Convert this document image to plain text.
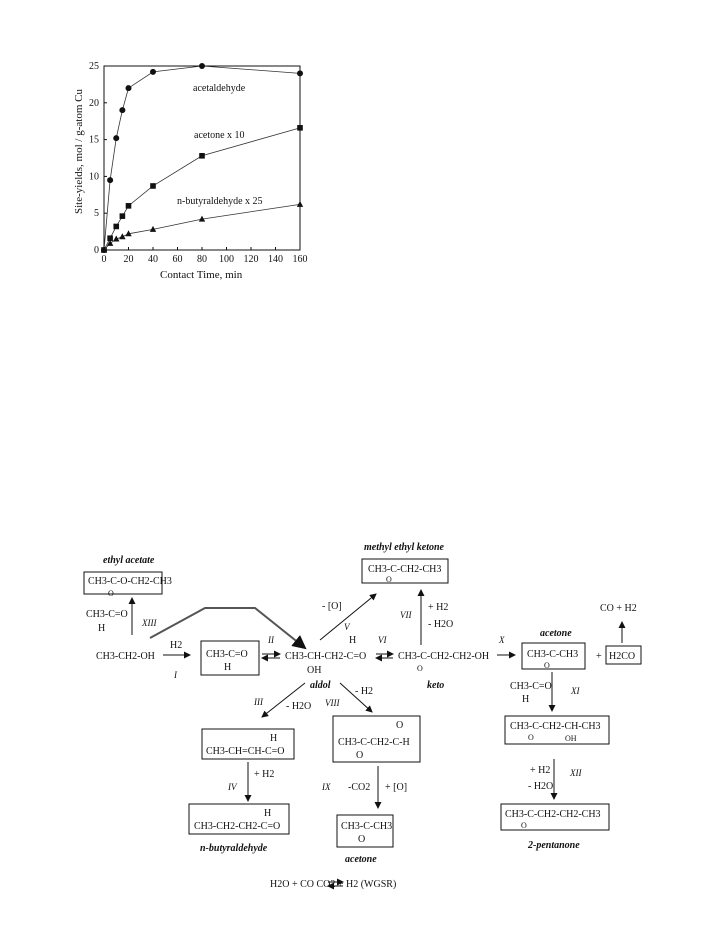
0 20 40 60 80 100 120 140 160
0
5
10
15
20
25
acetaldehyde
acetone x 10
n-butyraldehyde x 25
Contact Time, min
Site-yields, mol / g-atom Cu
ethyl acetate
CH3-C-O-CH2-CH3
O
CH3-C=O
H	XIII
CH3-CH2-OH
H2
I
CH3-C=O
H
II	H
CH3-CH-CH2-C=O
OH
aldol
- [O]
V
methyl ethyl ketone
CH3-C-CH2-CH3
O
VI
CH3-C-CH2-CH2-OH
O
keto
VII
+ H2
- H2O
X
acetone
CH3-C-CH3
O
+ H2CO
CO + H2
CH3-C=O
H
XI
CH3-C-CH2-CH-CH3
O	OH
+ H2
- H2O
XII
CH3-C-CH2-CH2-CH3
O
2-pentanone
III - H2O
H
CH3-CH=CH-C=O
IV
+ H2
H
CH3-CH2-CH2-C=O
n-butyraldehyde
VIII
- H2
O
CH3-C-CH2-C-H
O
IX -CO2 + [O]
CH3-C-CH3
O
acetone
H2O + CO CO2 + H2 (WGSR)
